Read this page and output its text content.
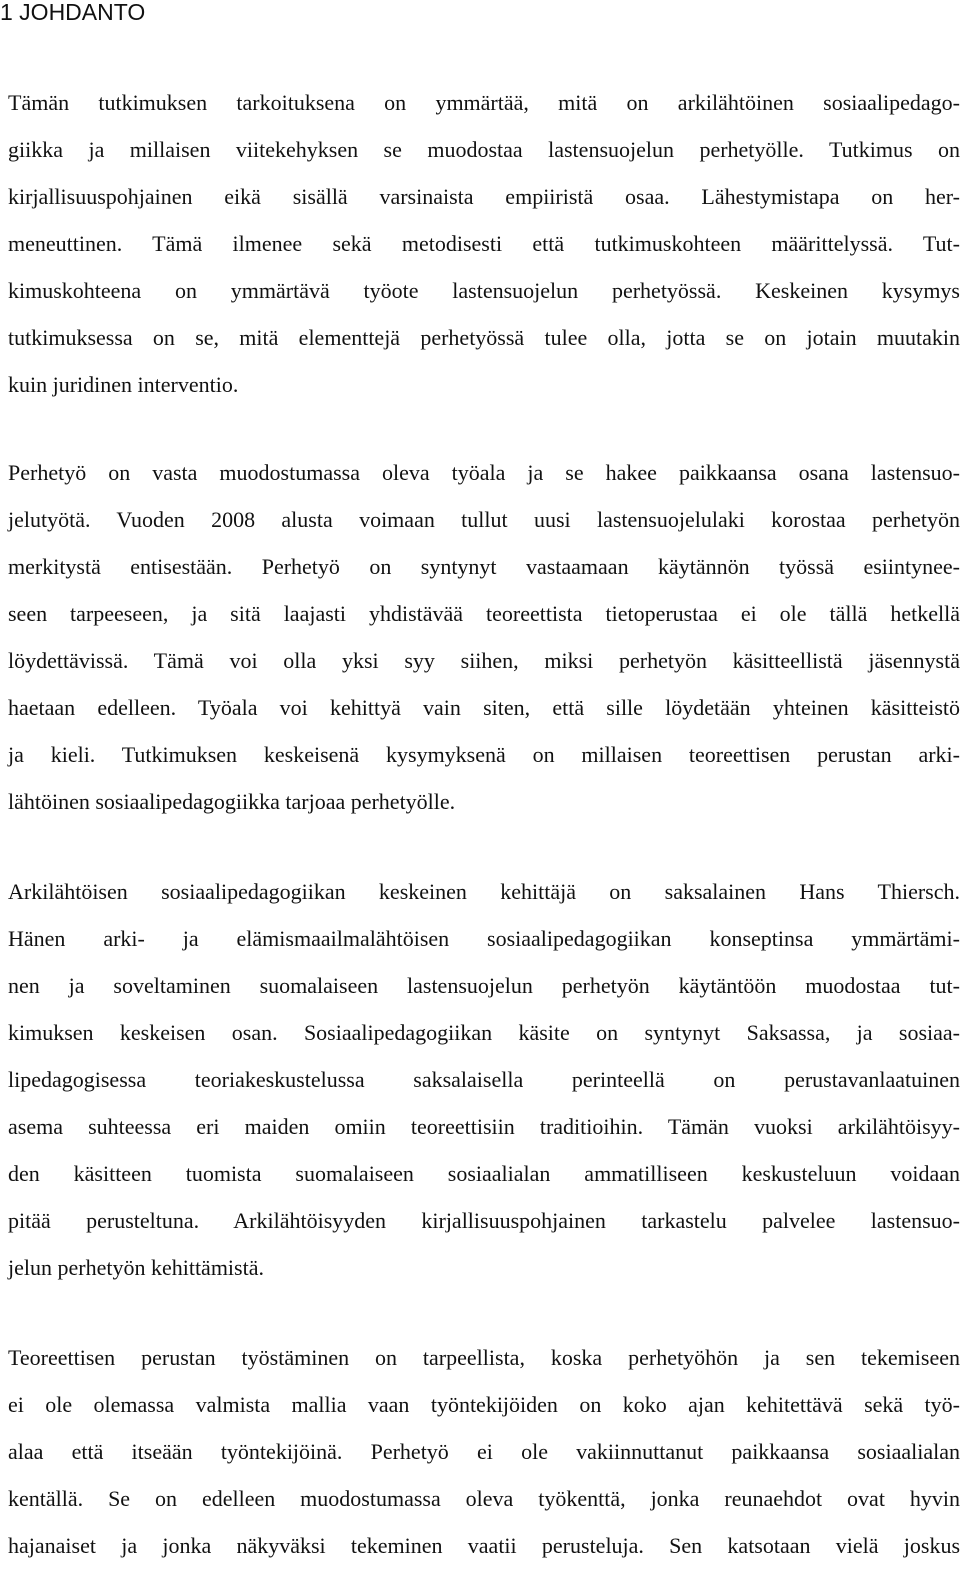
1 JOHDANTO
Tämän tutkimuksen tarkoituksena on ymmärtää, mitä on arkilähtöinen sosiaalipedago-
giikka ja millaisen viitekehyksen se muodostaa lastensuojelun perhetyölle. Tutkimus on
kirjallisuuspohjainen eikä sisällä varsinaista empiiristä osaa. Lähestymistapa on her-
meneuttinen. Tämä ilmenee sekä metodisesti että tutkimuskohteen määrittelyssä. Tut-
kimuskohteena on ymmärtävä työote lastensuojelun perhetyössä. Keskeinen kysymys
tutkimuksessa on se, mitä elementtejä perhetyössä tulee olla, jotta se on jotain muutakin
kuin juridinen interventio.
Perhetyö on vasta muodostumassa oleva työala ja se hakee paikkaansa osana lastensuo-
jelutyötä. Vuoden 2008 alusta voimaan tullut uusi lastensuojelulaki korostaa perhetyön
merkitystä entisestään. Perhetyö on syntynyt vastaamaan käytännön työssä esiintynee-
seen tarpeeseen, ja sitä laajasti yhdistävää teoreettista tietoperustaa ei ole tällä hetkellä
löydettävissä. Tämä voi olla yksi syy siihen, miksi perhetyön käsitteellistä jäsennystä
haetaan edelleen. Työala voi kehittyä vain siten, että sille löydetään yhteinen käsitteistö
ja kieli. Tutkimuksen keskeisenä kysymyksenä on millaisen teoreettisen perustan arki-
lähtöinen sosiaalipedagogiikka tarjoaa perhetyölle.
Arkilähtöisen sosiaalipedagogiikan keskeinen kehittäjä on saksalainen Hans Thiersch.
Hänen arki- ja elämismaailmalähtöisen sosiaalipedagogiikan konseptinsa ymmärtämi-
nen ja soveltaminen suomalaiseen lastensuojelun perhetyön käytäntöön muodostaa tut-
kimuksen keskeisen osan. Sosiaalipedagogiikan käsite on syntynyt Saksassa, ja sosiaa-
lipedagogisessa teoriakeskustelussa saksalaisella perinteellä on perustavanlaatuinen
asema suhteessa eri maiden omiin teoreettisiin traditioihin. Tämän vuoksi arkilähtöisyy-
den käsitteen tuomista suomalaiseen sosiaalialan ammatilliseen keskusteluun voidaan
pitää perusteltuna. Arkilähtöisyyden kirjallisuuspohjainen tarkastelu palvelee lastensuo-
jelun perhetyön kehittämistä.
Teoreettisen perustan työstäminen on tarpeellista, koska perhetyöhön ja sen tekemiseen
ei ole olemassa valmista mallia vaan työntekijöiden on koko ajan kehitettävä sekä työ-
alaa että itseään työntekijöinä. Perhetyö ei ole vakiinnuttanut paikkaansa sosiaalialan
kentällä. Se on edelleen muodostumassa oleva työkenttä, jonka reunaehdot ovat hyvin
hajanaiset ja jonka näkyväksi tekeminen vaatii perusteluja. Sen katsotaan vielä joskus
